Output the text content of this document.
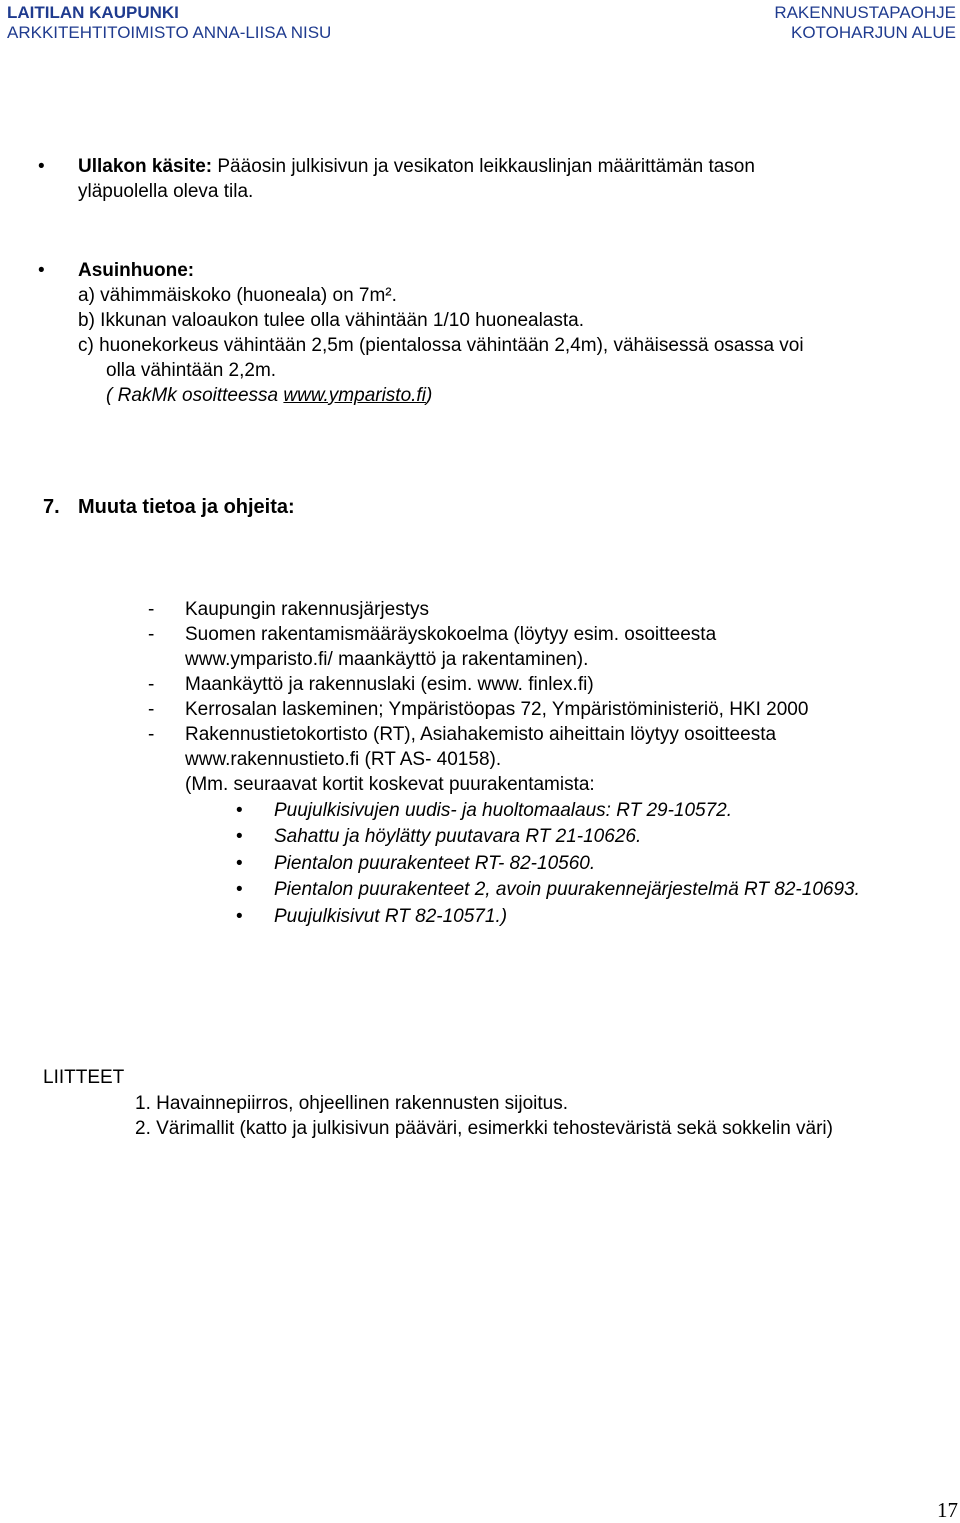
LAITILAN KAUPUNKI
ARKKITEHTITOIMISTO ANNA-LIISA NISU
RAKENNUSTAPAOHJE
KOTOHARJUN ALUE
• Ullakon käsite: Pääosin julkisivun ja vesikaton leikkauslinjan määrittämän tason
yläpuolella oleva tila.
• Asuinhuone:
a) vähimmäiskoko (huoneala) on 7m².
b) Ikkunan valoaukon tulee olla vähintään 1/10 huonealasta.
c) huonekorkeus vähintään 2,5m (pientalossa vähintään 2,4m), vähäisessä osassa voi
olla vähintään 2,2m.
( RakMk osoitteessa www.ymparisto.fi)
7. Muuta tietoa ja ohjeita:
- Kaupungin rakennusjärjestys
- Suomen rakentamismääräyskokoelma (löytyy esim. osoitteesta
www.ymparisto.fi/ maankäyttö ja rakentaminen).
- Maankäyttö ja rakennuslaki (esim. www. finlex.fi)
- Kerrosalan laskeminen; Ympäristöopas 72, Ympäristöministeriö, HKI 2000
- Rakennustietokortisto (RT), Asiahakemisto aiheittain löytyy osoitteesta
www.rakennustieto.fi (RT AS- 40158).
(Mm. seuraavat kortit koskevat puurakentamista:
• Puujulkisivujen uudis- ja huoltomaalaus: RT 29-10572.
• Sahattu ja höylätty puutavara RT 21-10626.
• Pientalon puurakenteet RT- 82-10560.
• Pientalon puurakenteet 2, avoin puurakennejärjestelmä RT 82-10693.
• Puujulkisivut RT 82-10571.)
LIITTEET
1. Havainnepiirros, ohjeellinen rakennusten sijoitus.
2. Värimallit (katto ja julkisivun pääväri, esimerkki tehosteväristä sekä sokkelin väri)
17
